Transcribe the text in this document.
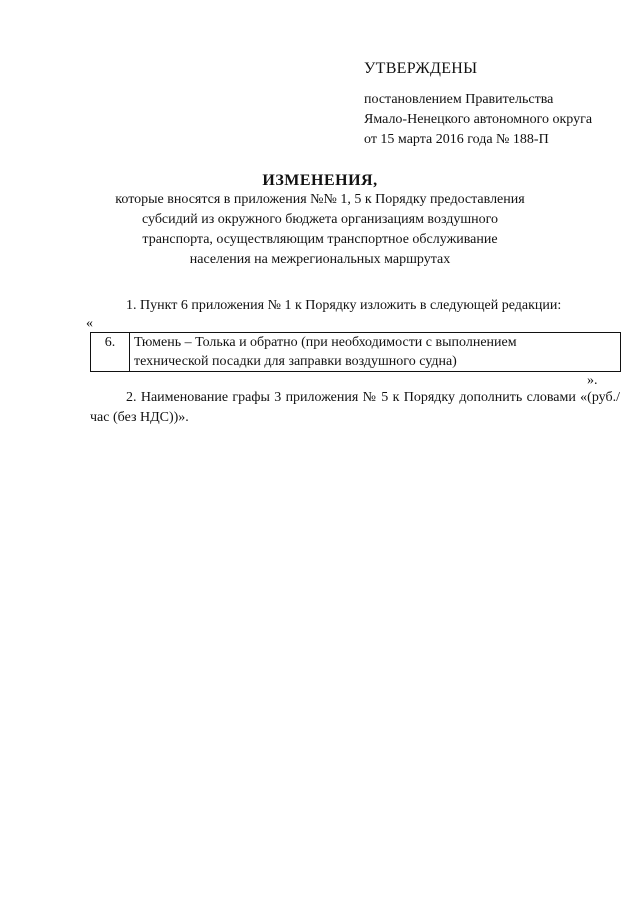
УТВЕРЖДЕНЫ
постановлением Правительства
Ямало-Ненецкого автономного округа
от 15 марта 2016 года № 188-П
ИЗМЕНЕНИЯ,
которые вносятся в приложения №№ 1, 5 к Порядку предоставления
субсидий из окружного бюджета организациям воздушного
транспорта, осуществляющим транспортное обслуживание
населения на межрегиональных маршрутах
1. Пункт 6 приложения № 1 к Порядку изложить в следующей редакции:
«
6.	Тюмень – Толька и обратно (при необходимости с выполнением
технической посадки для заправки воздушного судна)
».
2. Наименование графы 3 приложения № 5 к Порядку дополнить словами «(руб./час (без НДС))».
